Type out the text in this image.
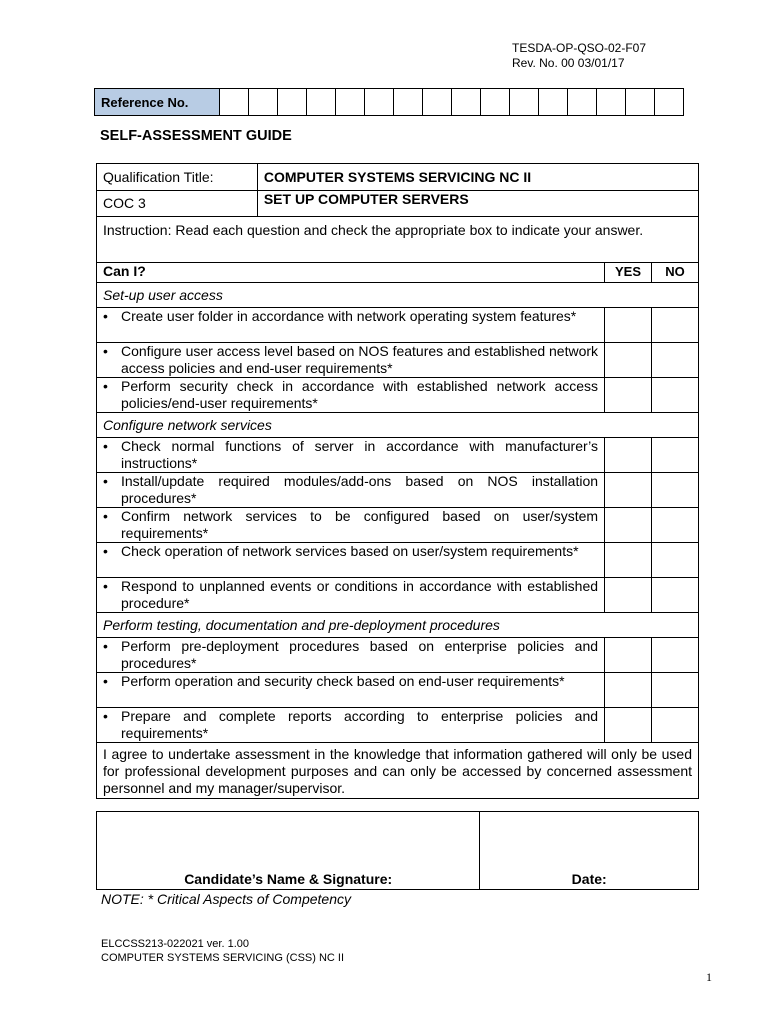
TESDA-OP-QSO-02-F07
Rev. No. 00 03/01/17
Reference No.																
SELF-ASSESSMENT GUIDE
Qualification Title:	COMPUTER SYSTEMS SERVICING NC II		
COC 3	SET UP COMPUTER SERVERS		
Instruction: Read each question and check the appropriate box to indicate your answer.			
Can I?		YES	NO
Set-up user access			

• Create user folder in accordance with network operating system features*			

• Configure user access level based on NOS features and established network access policies and end-user requirements*			

• Perform security check in accordance with established network access policies/end-user requirements*			

Configure network services			

• Check normal functions of server in accordance with manufacturer’s instructions*			

• Install/update required modules/add-ons based on NOS installation procedures*			

• Confirm network services to be configured based on user/system requirements*			

• Check operation of network services based on user/system requirements*			

• Respond to unplanned events or conditions in accordance with established procedure*			

Perform testing, documentation and pre-deployment procedures			

• Perform pre-deployment procedures based on enterprise policies and procedures*			

• Perform operation and security check based on end-user requirements*			

• Prepare and complete reports according to enterprise policies and requirements*			

I agree to undertake assessment in the knowledge that information gathered will only be used for professional development purposes and can only be accessed by concerned assessment personnel and my manager/supervisor.			
Candidate’s Name & Signature:	Date:
NOTE: * Critical Aspects of Competency
ELCCSS213-022021 ver. 1.00
COMPUTER SYSTEMS SERVICING (CSS) NC II
1
